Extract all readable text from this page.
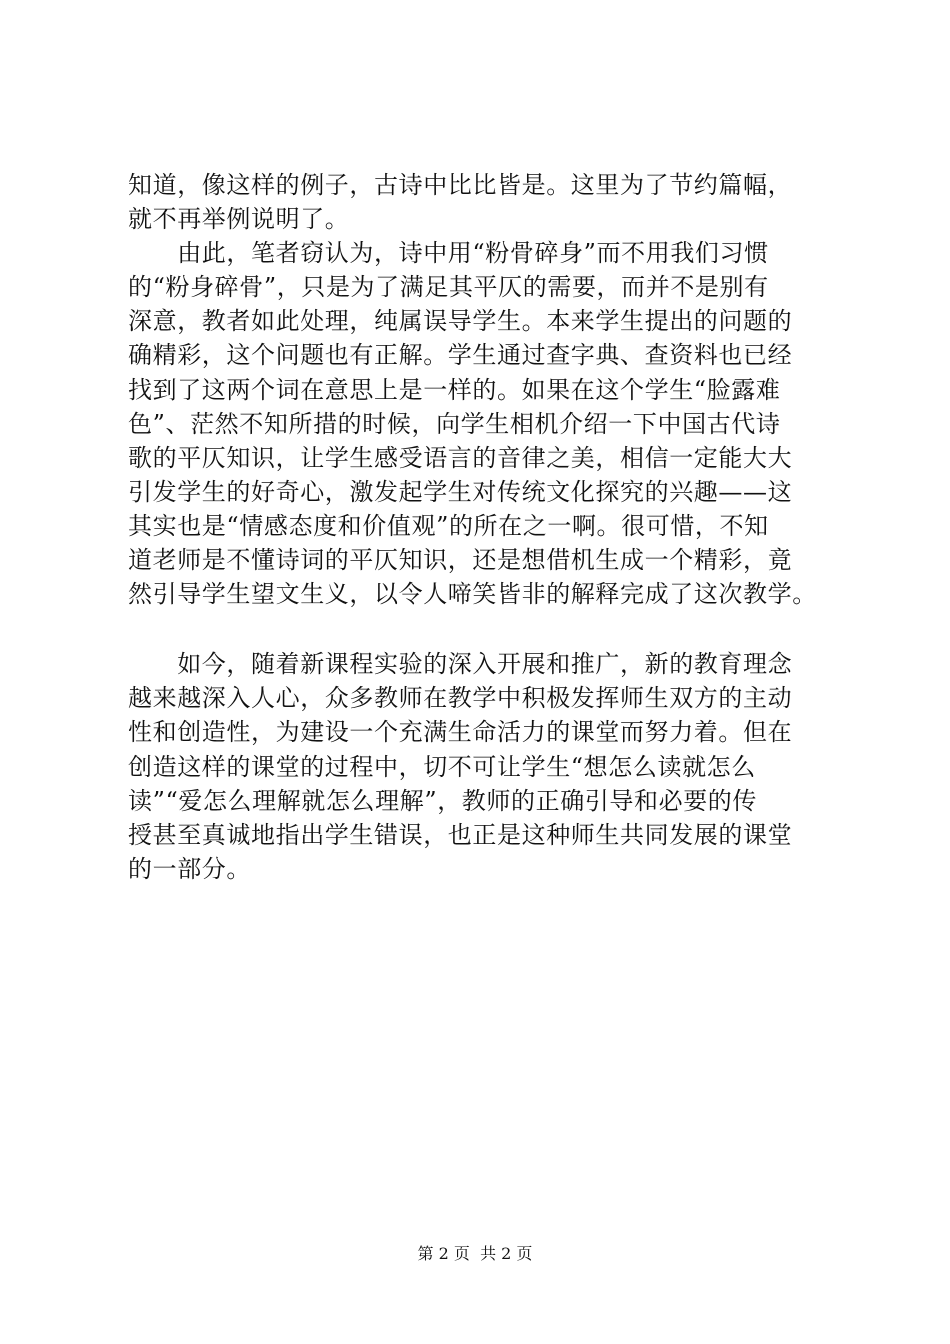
知道，像这样的例子，古诗中比比皆是。这里为了节约篇幅，
就不再举例说明了。
　　由此，笔者窃认为，诗中用“粉骨碎身”而不用我们习惯
的“粉身碎骨”，只是为了满足其平仄的需要，而并不是别有
深意，教者如此处理，纯属误导学生。本来学生提出的问题的
确精彩，这个问题也有正解。学生通过查字典、查资料也已经
找到了这两个词在意思上是一样的。如果在这个学生“脸露难
色”、茫然不知所措的时候，向学生相机介绍一下中国古代诗
歌的平仄知识，让学生感受语言的音律之美，相信一定能大大
引发学生的好奇心，激发起学生对传统文化探究的兴趣——这
其实也是“情感态度和价值观”的所在之一啊。很可惜，不知
道老师是不懂诗词的平仄知识，还是想借机生成一个精彩，竟
然引导学生望文生义，以令人啼笑皆非的解释完成了这次教学。
　　如今，随着新课程实验的深入开展和推广，新的教育理念
越来越深入人心，众多教师在教学中积极发挥师生双方的主动
性和创造性，为建设一个充满生命活力的课堂而努力着。但在
创造这样的课堂的过程中，切不可让学生“想怎么读就怎么
读”“爱怎么理解就怎么理解”，教师的正确引导和必要的传
授甚至真诚地指出学生错误，也正是这种师生共同发展的课堂
的一部分。
第 2 页  共 2 页
